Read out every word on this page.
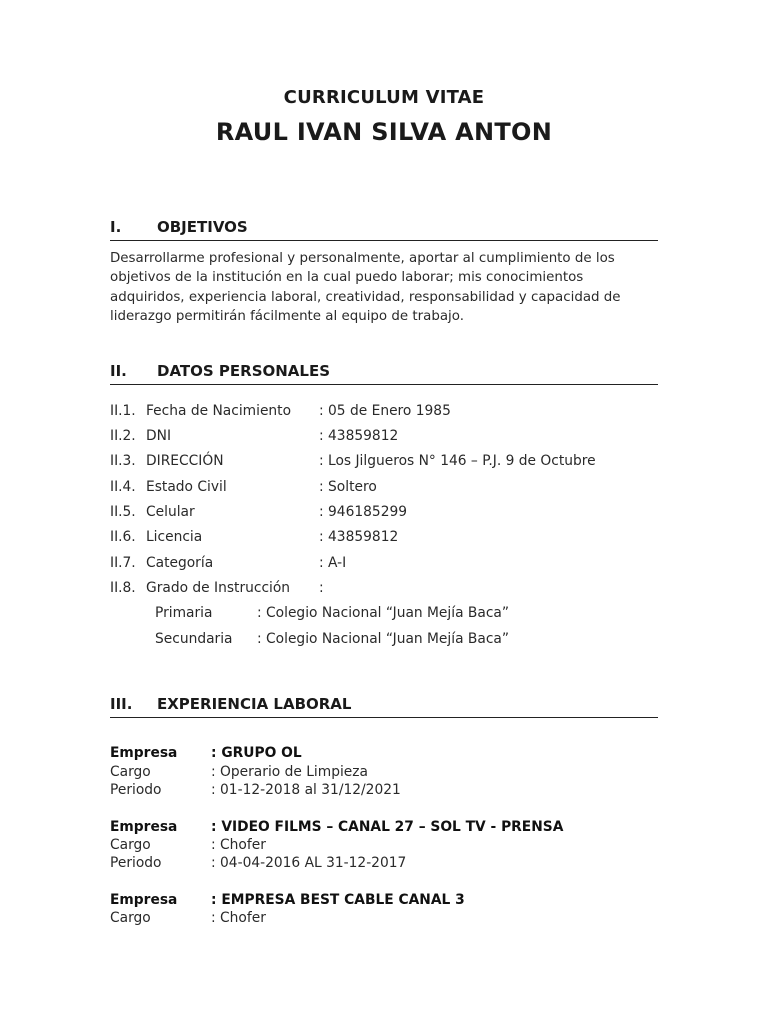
CURRICULUM VITAE
RAUL IVAN SILVA ANTON
I. OBJETIVOS
Desarrollarme profesional y personalmente, aportar al cumplimiento de los
objetivos de la institución en la cual puedo laborar; mis conocimientos
adquiridos, experiencia laboral, creatividad, responsabilidad y capacidad de
liderazgo permitirán fácilmente al equipo de trabajo.
II. DATOS PERSONALES
II.1. Fecha de Nacimiento : 05 de Enero 1985
II.2. DNI	: 43859812
II.3. DIRECCIÓN	: Los Jilgueros N° 146 – P.J. 9 de Octubre
II.4. Estado Civil	: Soltero
II.5. Celular	: 946185299
II.6. Licencia	: 43859812
II.7. Categoría	: A-I
II.8. Grado de Instrucción :
Primaria	: Colegio Nacional “Juan Mejía Baca”
Secundaria : Colegio Nacional “Juan Mejía Baca”
III. EXPERIENCIA LABORAL
Empresa : GRUPO OL
Cargo	: Operario de Limpieza
Periodo	: 01-12-2018 al 31/12/2021
Empresa : VIDEO FILMS – CANAL 27 – SOL TV - PRENSA
Cargo	: Chofer
Periodo	: 04-04-2016 AL 31-12-2017
Empresa : EMPRESA BEST CABLE CANAL 3
Cargo	: Chofer
